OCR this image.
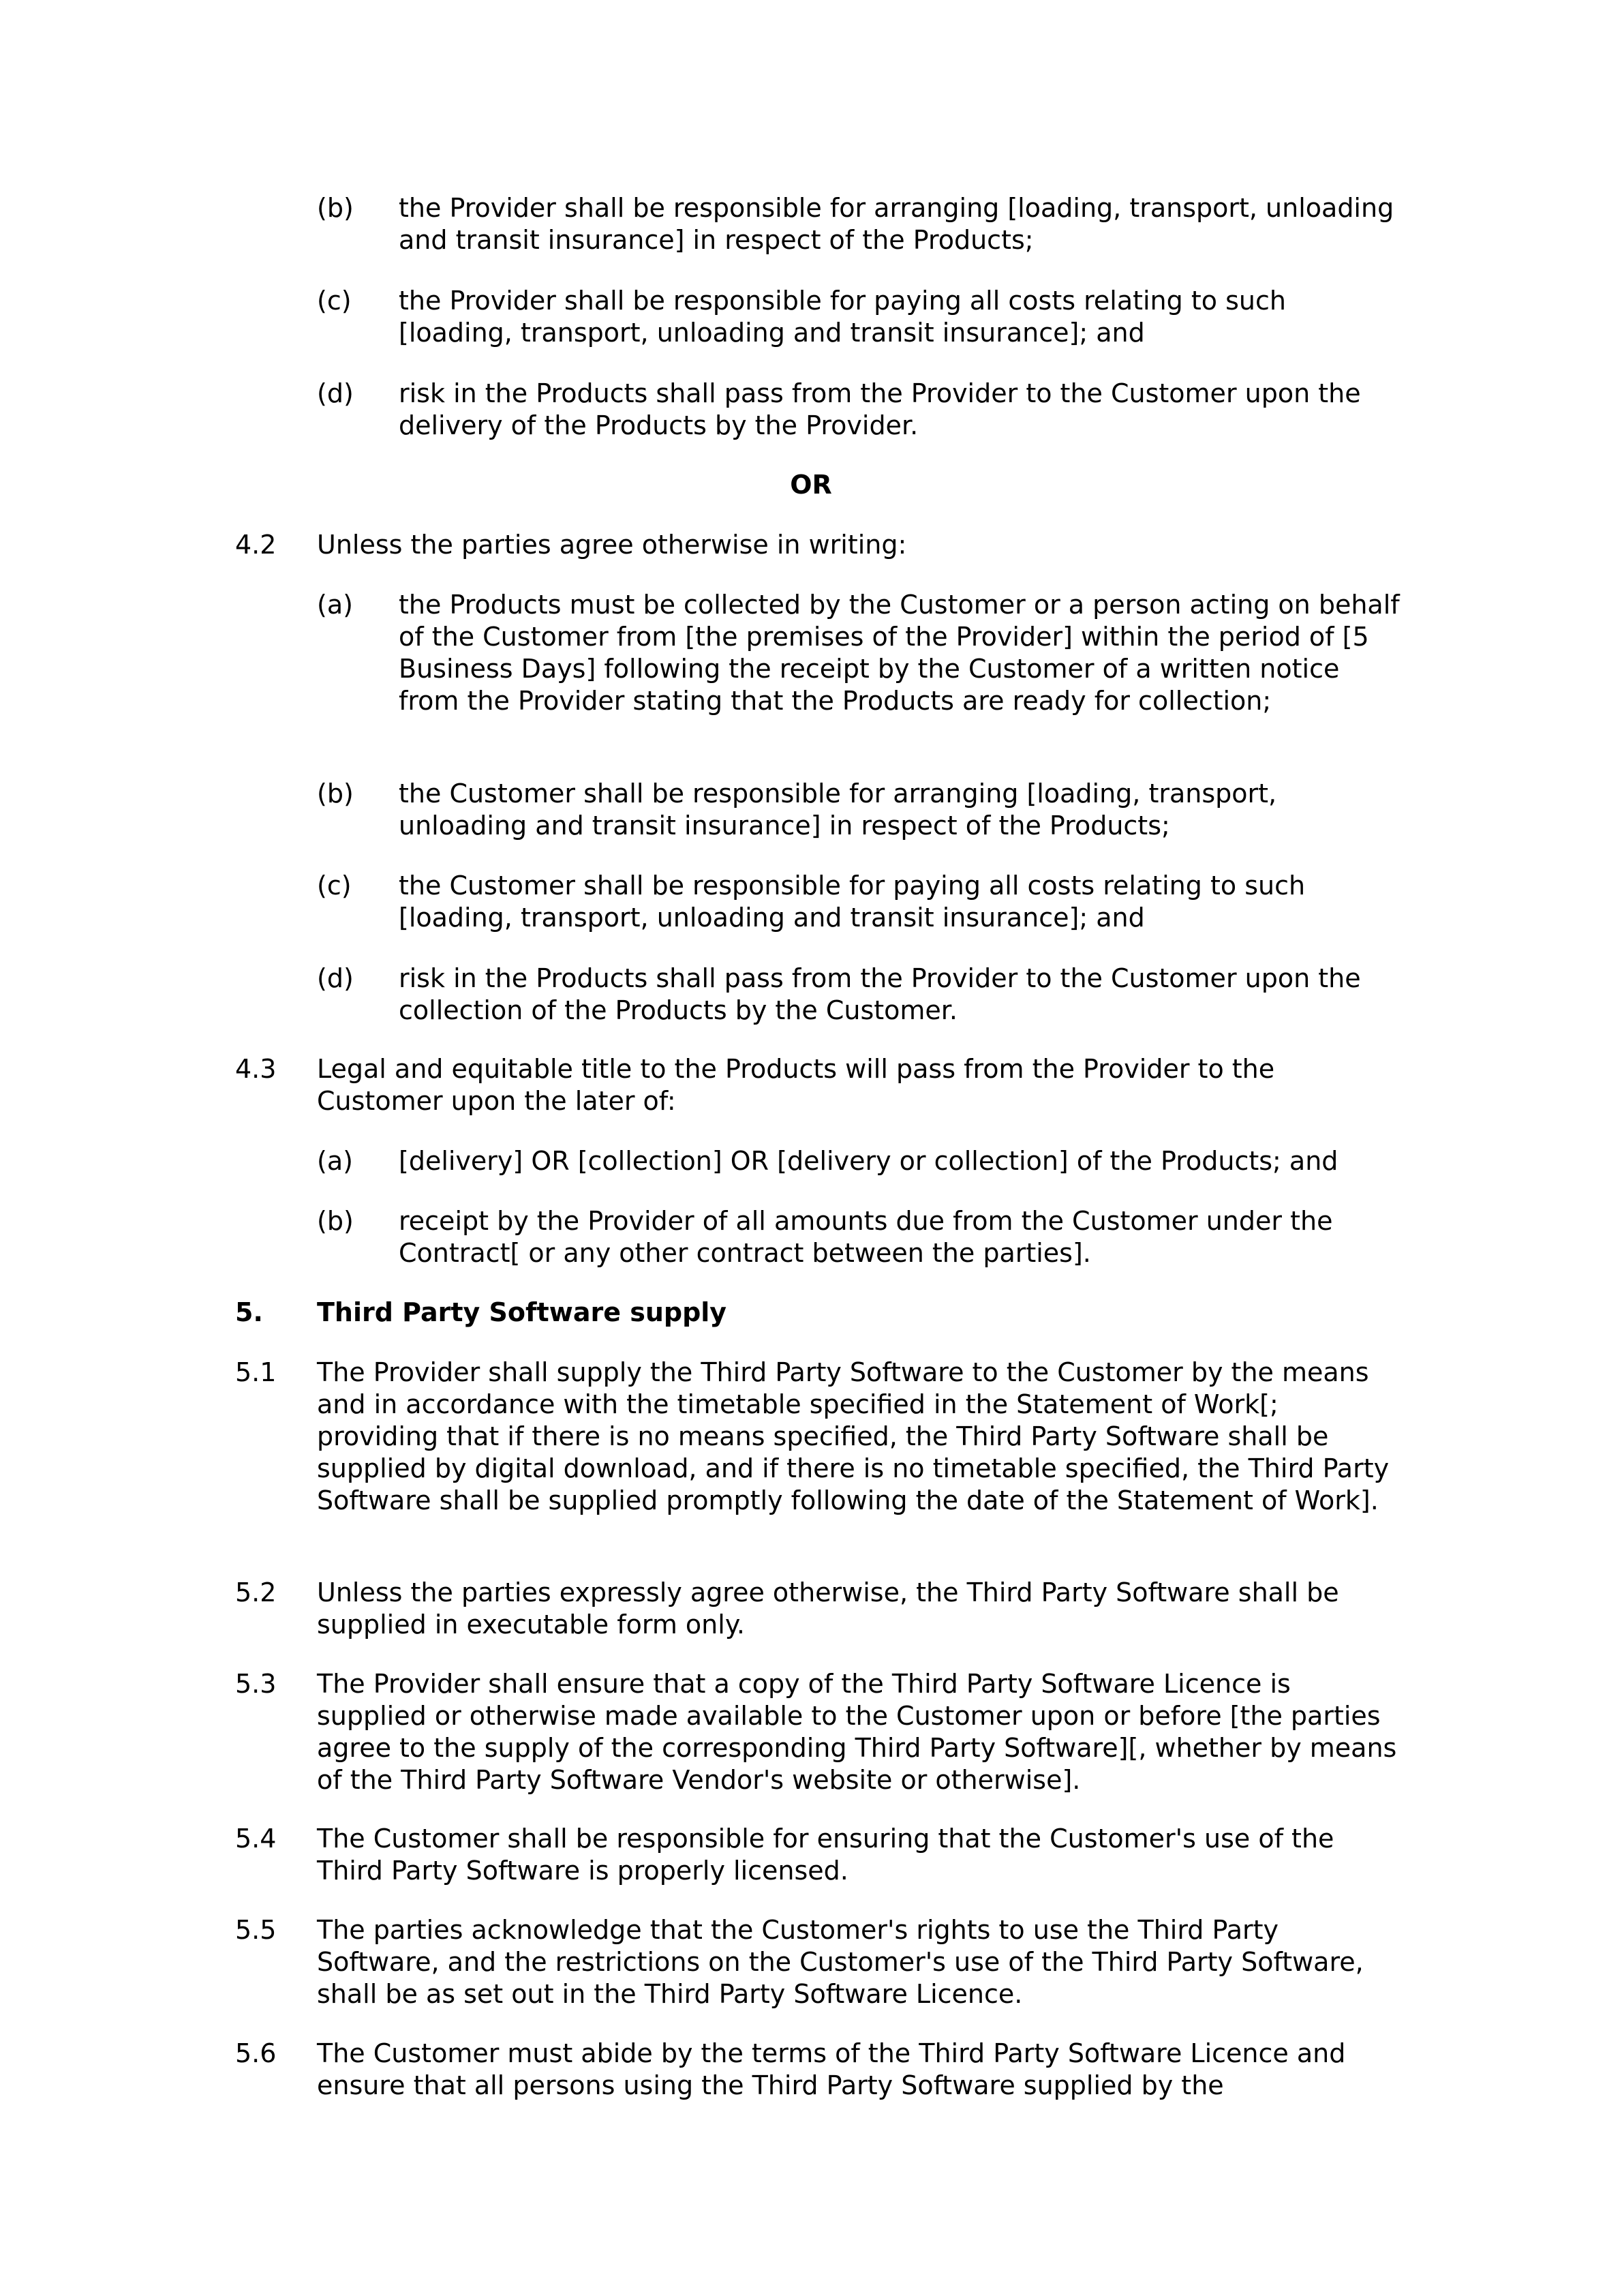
(b) the Provider shall be responsible for arranging [loading, transport, unloading and transit insurance] in respect of the Products;

(c) the Provider shall be responsible for paying all costs relating to such [loading, transport, unloading and transit insurance]; and

(d) risk in the Products shall pass from the Provider to the Customer upon the delivery of the Products by the Provider.

OR
4.2 Unless the parties agree otherwise in writing:

(a) the Products must be collected by the Customer or a person acting on behalf of the Customer from [the premises of the Provider] within the period of [5 Business Days] following the receipt by the Customer of a written notice from the Provider stating that the Products are ready for collection;

(b) the Customer shall be responsible for arranging [loading, transport, unloading and transit insurance] in respect of the Products;

(c) the Customer shall be responsible for paying all costs relating to such [loading, transport, unloading and transit insurance]; and

(d) risk in the Products shall pass from the Provider to the Customer upon the collection of the Products by the Customer.

4.3 Legal and equitable title to the Products will pass from the Provider to the Customer upon the later of:

(a) [delivery] OR [collection] OR [delivery or collection] of the Products; and

(b) receipt by the Provider of all amounts due from the Customer under the Contract[ or any other contract between the parties].

5. Third Party Software supply
5.1 The Provider shall supply the Third Party Software to the Customer by the means and in accordance with the timetable specified in the Statement of Work[; providing that if there is no means specified, the Third Party Software shall be supplied by digital download, and if there is no timetable specified, the Third Party Software shall be supplied promptly following the date of the Statement of Work].

5.2 Unless the parties expressly agree otherwise, the Third Party Software shall be supplied in executable form only.

5.3 The Provider shall ensure that a copy of the Third Party Software Licence is supplied or otherwise made available to the Customer upon or before [the parties agree to the supply of the corresponding Third Party Software][, whether by means of the Third Party Software Vendor's website or otherwise].

5.4 The Customer shall be responsible for ensuring that the Customer's use of the Third Party Software is properly licensed.

5.5 The parties acknowledge that the Customer's rights to use the Third Party Software, and the restrictions on the Customer's use of the Third Party Software, shall be as set out in the Third Party Software Licence.

5.6 The Customer must abide by the terms of the Third Party Software Licence and ensure that all persons using the Third Party Software supplied by the
